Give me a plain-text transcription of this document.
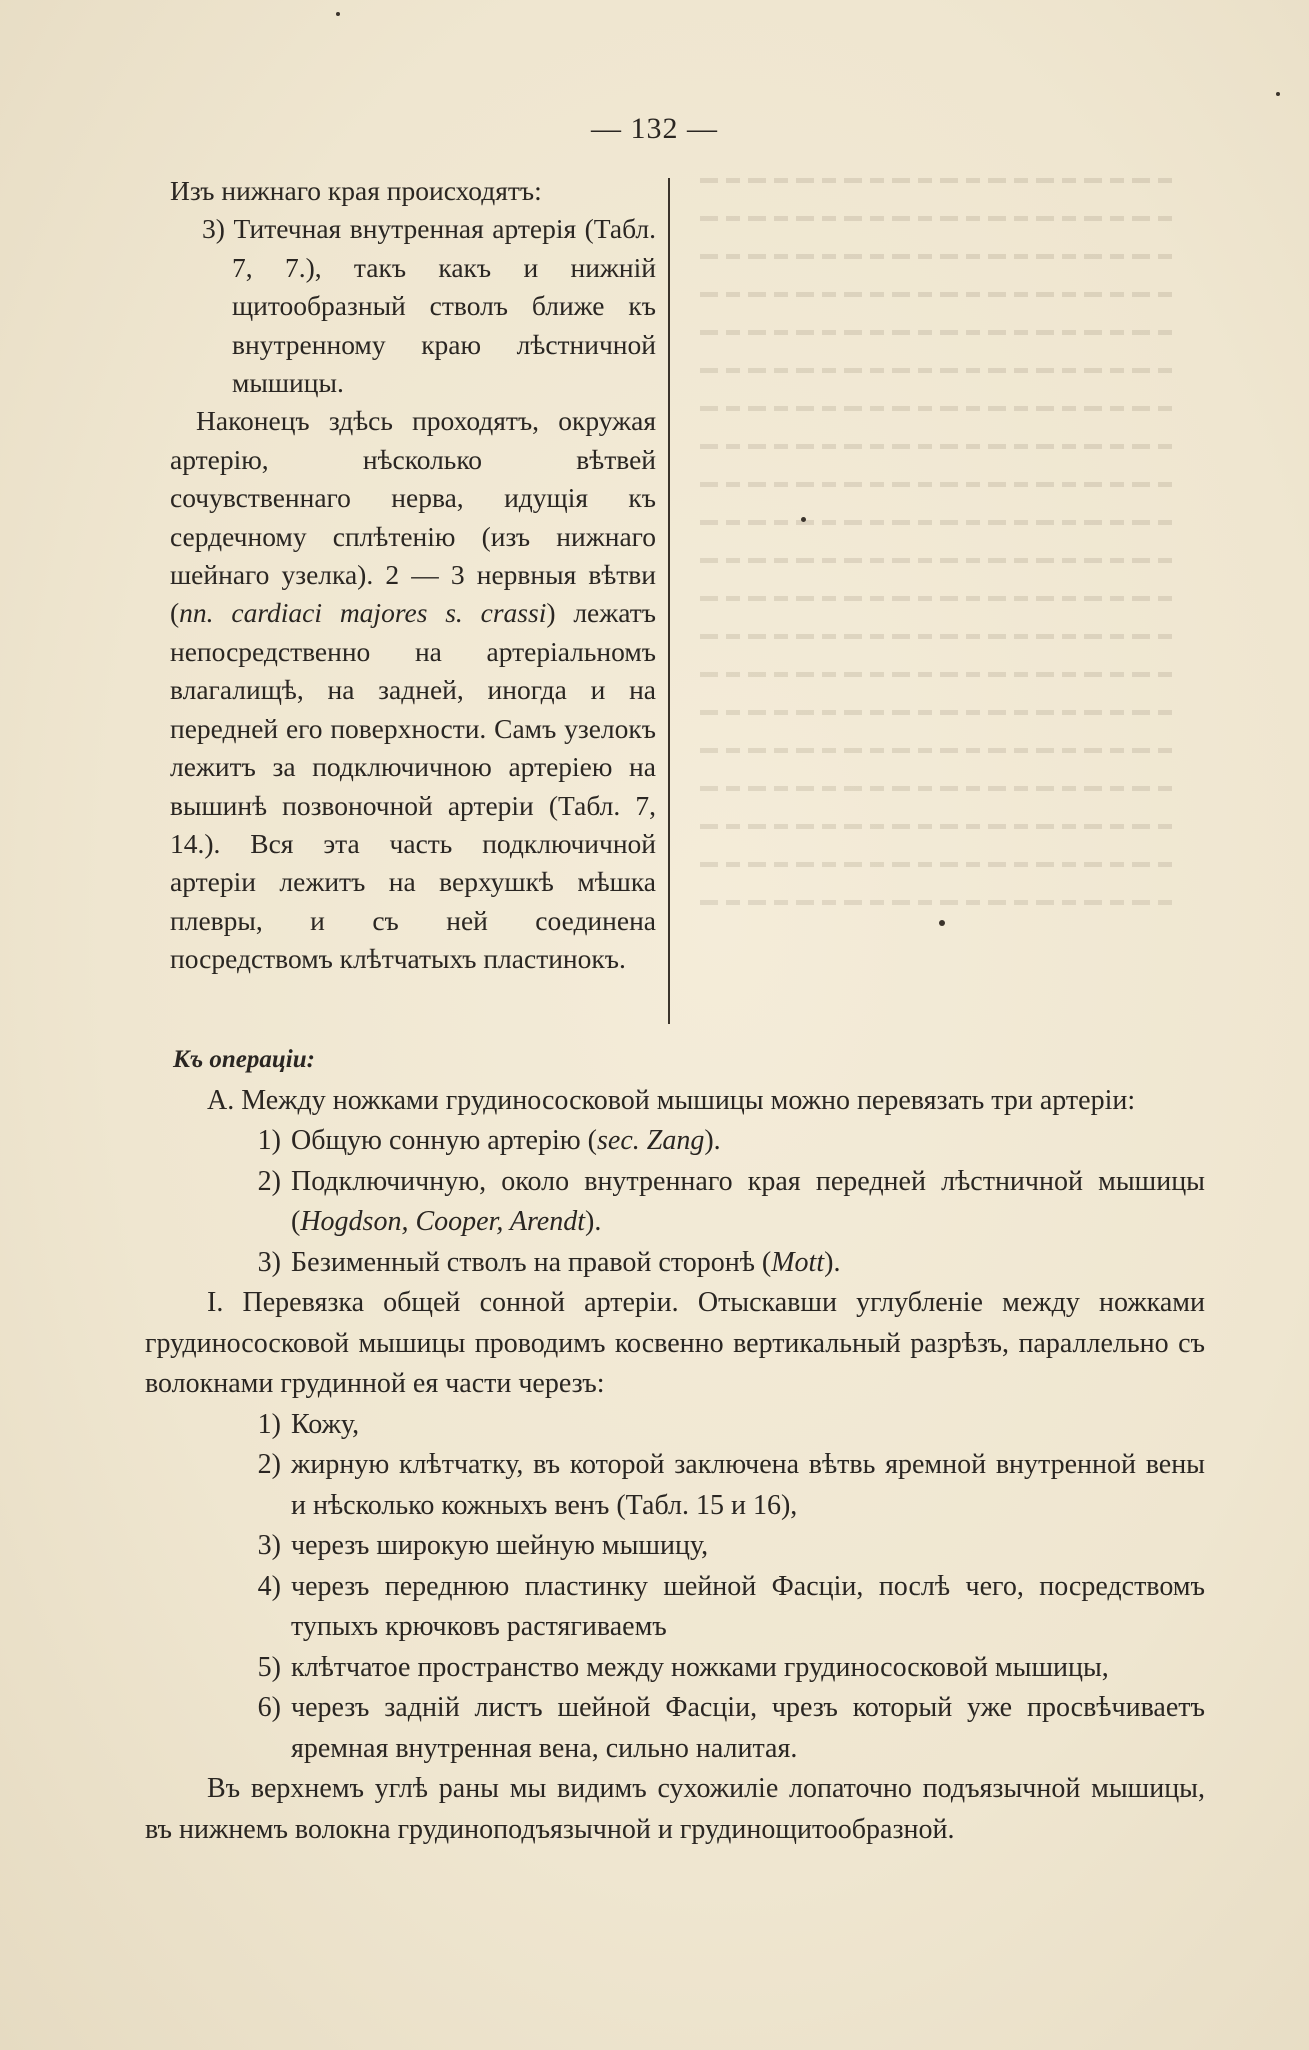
— 132 —
Изъ нижнаго края происходятъ:
3) Титечная внутренная артерія (Табл. 7, 7.), такъ какъ и нижній щитообразный стволъ ближе къ внутренному краю лѣстничной мышицы.
Наконецъ здѣсь проходятъ, окружая артерію, нѣсколько вѣтвей сочувственнаго нерва, идущія къ сердечному сплѣтенію (изъ нижнаго шейнаго узелка). 2 — 3 нервныя вѣтви (nn. cardiaci majores s. crassi) лежатъ непосредственно на артеріальномъ влагалищѣ, на задней, иногда и на передней его поверхности. Самъ узелокъ лежитъ за подключичною артеріею на вышинѣ позвоночной артеріи (Табл. 7, 14.). Вся эта часть подключичной артеріи лежитъ на верхушкѣ мѣшка плевры, и съ ней соединена посредствомъ клѣтчатыхъ пластинокъ.
Къ операціи:
А. Между ножками грудинососковой мышицы можно перевязать три артеріи:
1) Общую сонную артерію (sec. Zang).
2) Подключичную, около внутреннаго края передней лѣстничной мышицы (Hogdson, Cooper, Arendt).
3) Безименный стволъ на правой сторонѣ (Mott).
I. Перевязка общей сонной артеріи. Отыскавши углубленіе между ножками грудинососковой мышицы проводимъ косвенно вертикальный разрѣзъ, параллельно съ волокнами грудинной ея части черезъ:
1) Кожу,
2) жирную клѣтчатку, въ которой заключена вѣтвь яремной внутренной вены и нѣсколько кожныхъ венъ (Табл. 15 и 16),
3) черезъ широкую шейную мышицу,
4) черезъ переднюю пластинку шейной Фасціи, послѣ чего, посредствомъ тупыхъ крючковъ растягиваемъ
5) клѣтчатое пространство между ножками грудинососковой мышицы,
6) черезъ задній листъ шейной Фасціи, чрезъ который уже просвѣчиваетъ яремная внутренная вена, сильно налитая.
Въ верхнемъ углѣ раны мы видимъ сухожиліе лопаточно подъязычной мышицы, въ нижнемъ волокна грудиноподъязычной и грудинощитообразной.
